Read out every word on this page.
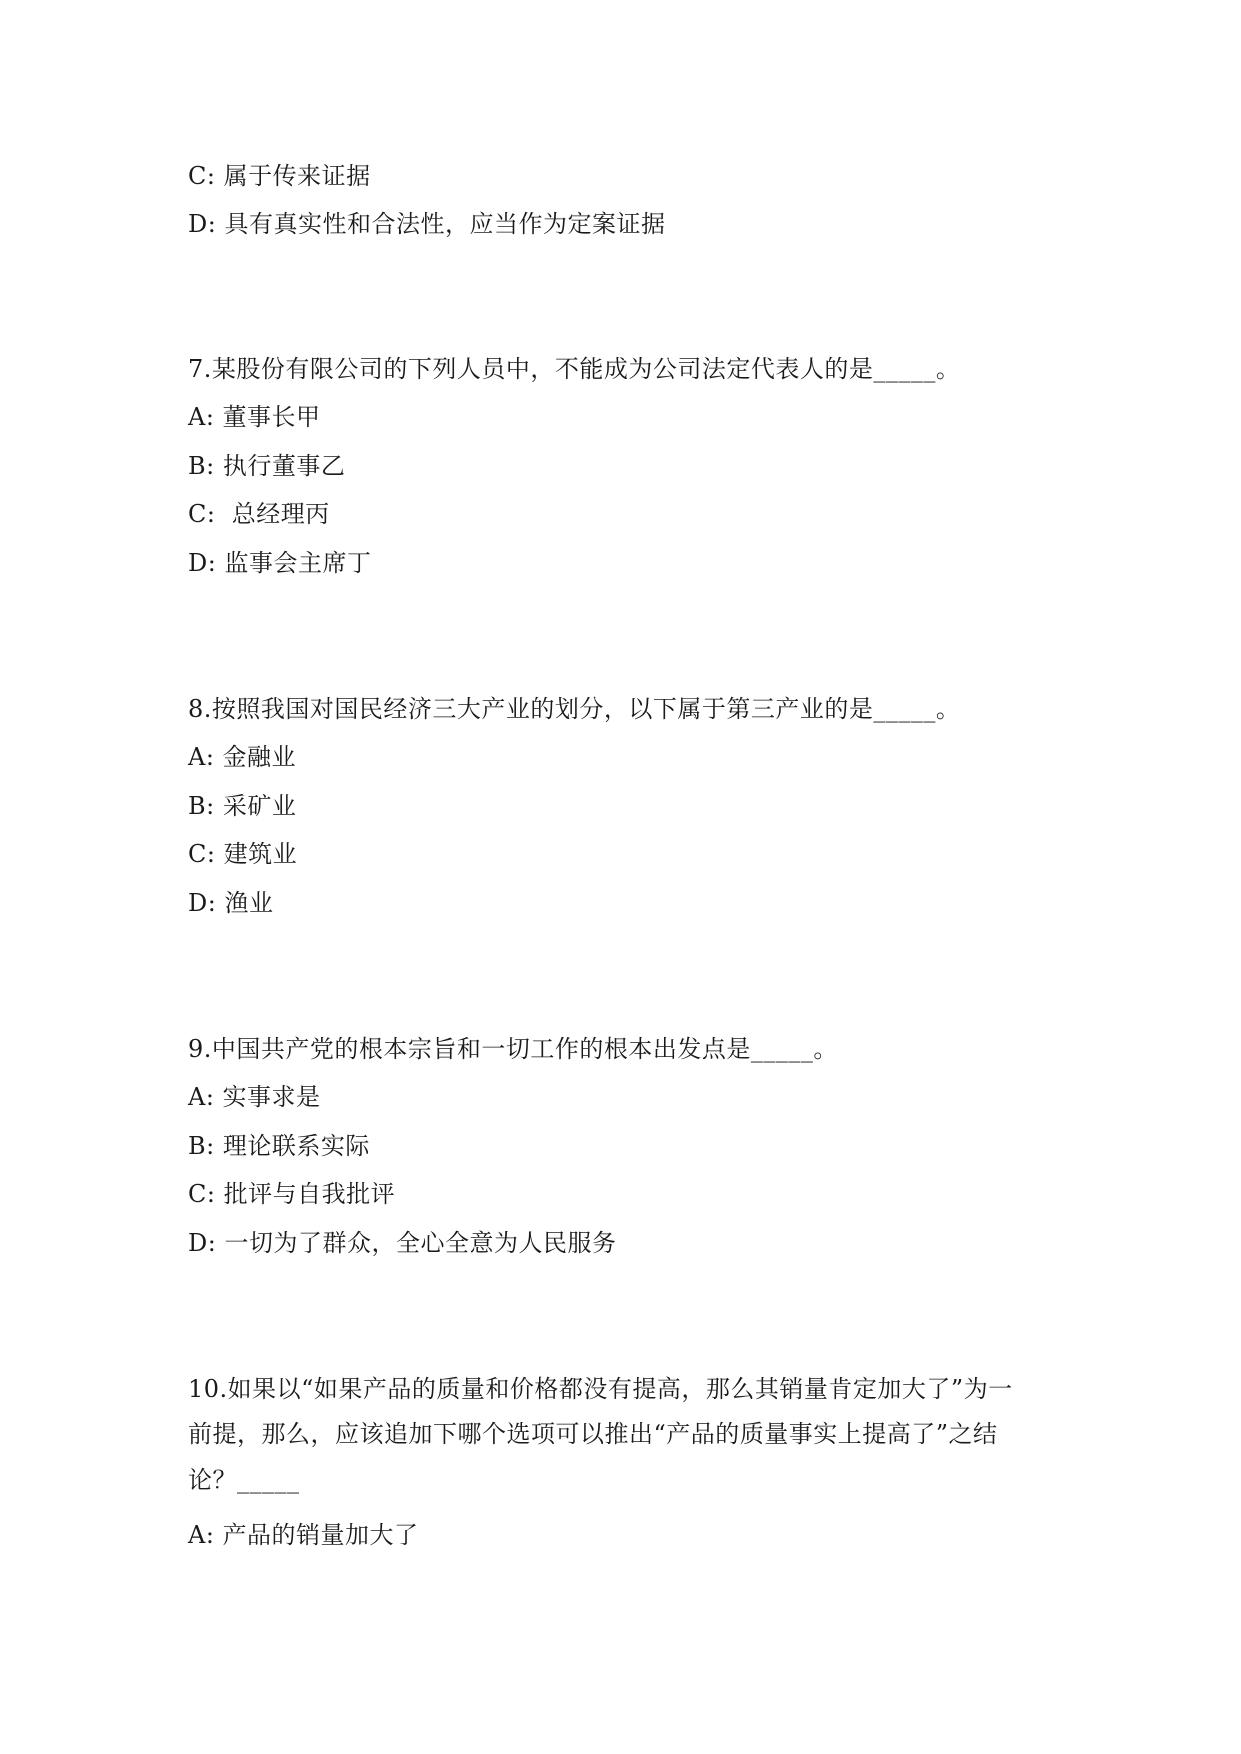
C: 属于传来证据
D: 具有真实性和合法性，应当作为定案证据
7.某股份有限公司的下列人员中，不能成为公司法定代表人的是_____。
A: 董事长甲
B: 执行董事乙
C:  总经理丙
D: 监事会主席丁
8.按照我国对国民经济三大产业的划分，以下属于第三产业的是_____。
A: 金融业
B: 采矿业
C: 建筑业
D: 渔业
9.中国共产党的根本宗旨和一切工作的根本出发点是_____。
A: 实事求是
B: 理论联系实际
C: 批评与自我批评
D: 一切为了群众，全心全意为人民服务
10.如果以“如果产品的质量和价格都没有提高，那么其销量肯定加大了”为一
前提，那么，应该追加下哪个选项可以推出“产品的质量事实上提高了”之结
论？_____
A: 产品的销量加大了
